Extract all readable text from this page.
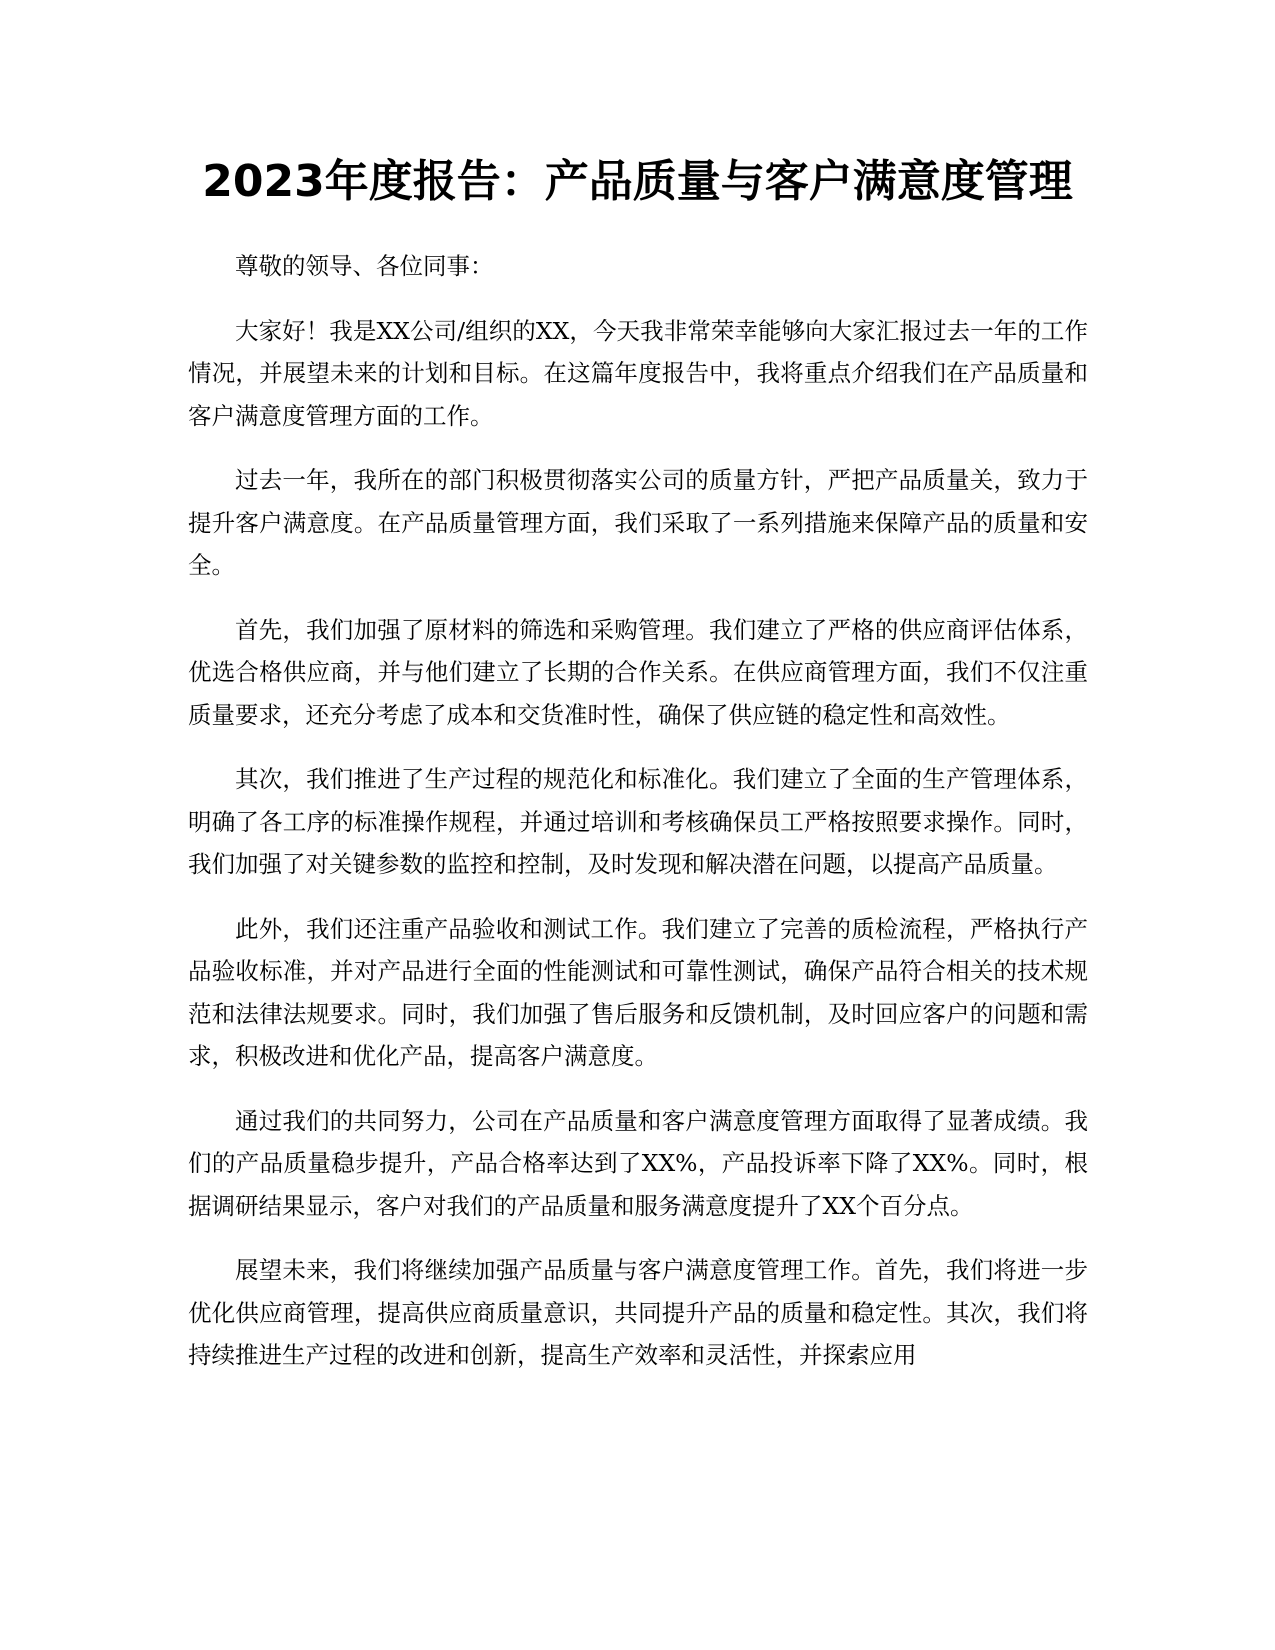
2023年度报告：产品质量与客户满意度管理

尊敬的领导、各位同事：

大家好！我是XX公司/组织的XX，今天我非常荣幸能够向大家汇报过去一年的工作情况，并展望未来的计划和目标。在这篇年度报告中，我将重点介绍我们在产品质量和客户满意度管理方面的工作。

过去一年，我所在的部门积极贯彻落实公司的质量方针，严把产品质量关，致力于提升客户满意度。在产品质量管理方面，我们采取了一系列措施来保障产品的质量和安全。

首先，我们加强了原材料的筛选和采购管理。我们建立了严格的供应商评估体系，优选合格供应商，并与他们建立了长期的合作关系。在供应商管理方面，我们不仅注重质量要求，还充分考虑了成本和交货准时性，确保了供应链的稳定性和高效性。

其次，我们推进了生产过程的规范化和标准化。我们建立了全面的生产管理体系，明确了各工序的标准操作规程，并通过培训和考核确保员工严格按照要求操作。同时，我们加强了对关键参数的监控和控制，及时发现和解决潜在问题，以提高产品质量。

此外，我们还注重产品验收和测试工作。我们建立了完善的质检流程，严格执行产品验收标准，并对产品进行全面的性能测试和可靠性测试，确保产品符合相关的技术规范和法律法规要求。同时，我们加强了售后服务和反馈机制，及时回应客户的问题和需求，积极改进和优化产品，提高客户满意度。

通过我们的共同努力，公司在产品质量和客户满意度管理方面取得了显著成绩。我们的产品质量稳步提升，产品合格率达到了XX%，产品投诉率下降了XX%。同时，根据调研结果显示，客户对我们的产品质量和服务满意度提升了XX个百分点。

展望未来，我们将继续加强产品质量与客户满意度管理工作。首先，我们将进一步优化供应商管理，提高供应商质量意识，共同提升产品的质量和稳定性。其次，我们将持续推进生产过程的改进和创新，提高生产效率和灵活性，并探索应用
